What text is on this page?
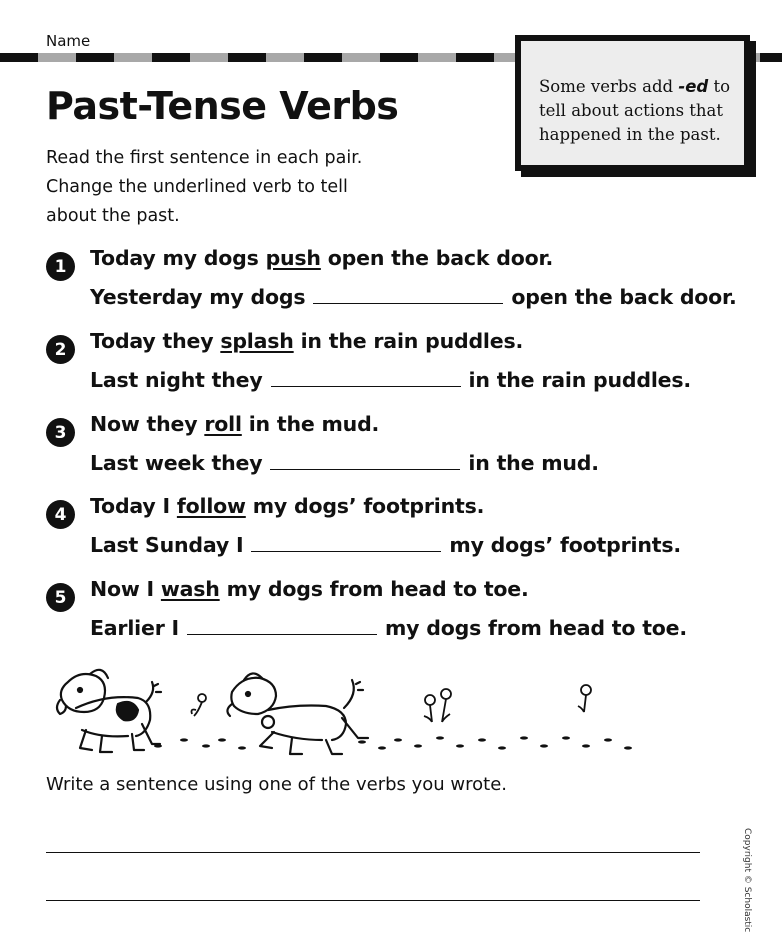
Name
Some verbs add -ed to tell about actions that happened in the past.
Past-Tense Verbs
Read the first sentence in each pair.
Change the underlined verb to tell
about the past.
1	Today my dogs push open the back door.
Yesterday my dogs	open the back door.
2	Today they splash in the rain puddles.
Last night they	in the rain puddles.
3	Now they roll in the mud.
Last week they	in the mud.
4	Today I follow my dogs’ footprints.
Last Sunday I	my dogs’ footprints.
5	Now I wash my dogs from head to toe.
Earlier I	my dogs from head to toe.

Write a sentence using one of the verbs you wrote.

Copyright © Scholastic
